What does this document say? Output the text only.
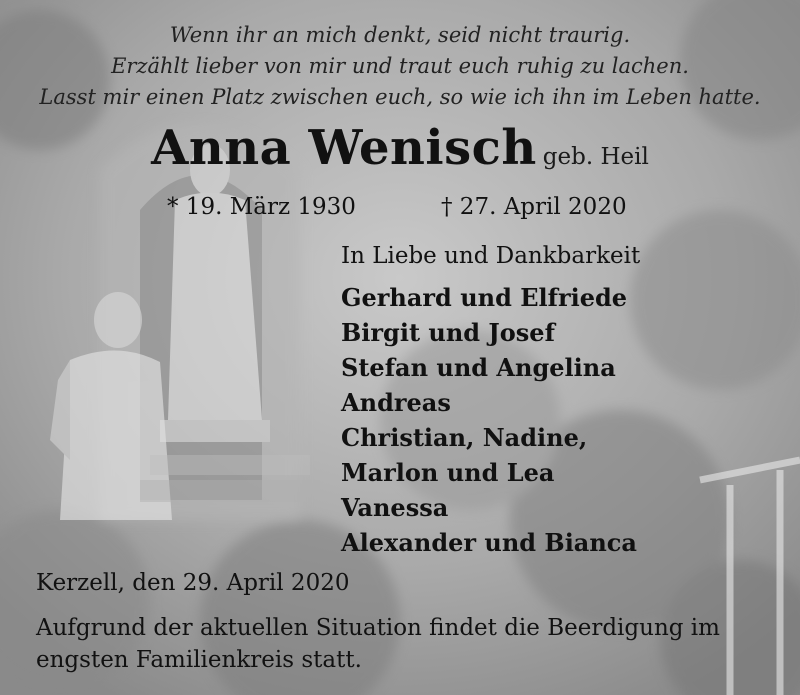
Wenn ihr an mich denkt, seid nicht traurig.
Erzählt lieber von mir und traut euch ruhig zu lachen.
Lasst mir einen Platz zwischen euch, so wie ich ihn im Leben hatte.
Anna Wenisch geb. Heil
* 19. März 1930	† 27. April 2020
In Liebe und Dankbarkeit
Gerhard und Elfriede
Birgit und Josef
Stefan und Angelina
Andreas
Christian, Nadine,
Marlon und Lea
Vanessa
Alexander und Bianca
Kerzell, den 29. April 2020
Aufgrund der aktuellen Situation findet die Beerdigung im
engsten Familienkreis statt.
